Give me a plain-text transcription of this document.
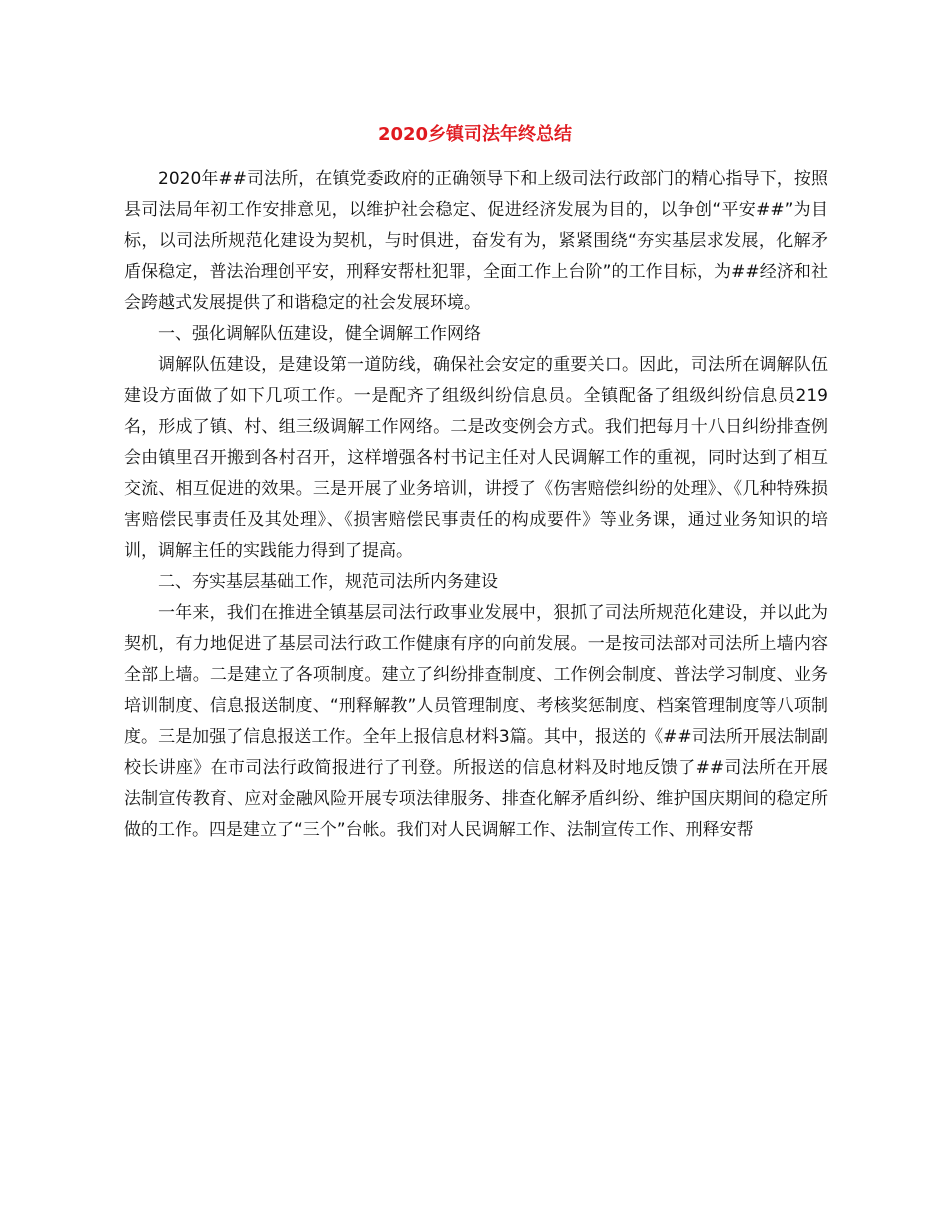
2020乡镇司法年终总结

2020年##司法所，在镇党委政府的正确领导下和上级司法行政部门的精心指导下，按照县司法局年初工作安排意见，以维护社会稳定、促进经济发展为目的，以争创“平安##”为目标，以司法所规范化建设为契机，与时俱进，奋发有为，紧紧围绕“夯实基层求发展，化解矛盾保稳定，普法治理创平安，刑释安帮杜犯罪，全面工作上台阶”的工作目标，为##经济和社会跨越式发展提供了和谐稳定的社会发展环境。

一、强化调解队伍建设，健全调解工作网络

调解队伍建设，是建设第一道防线，确保社会安定的重要关口。因此，司法所在调解队伍建设方面做了如下几项工作。一是配齐了组级纠纷信息员。全镇配备了组级纠纷信息员219名，形成了镇、村、组三级调解工作网络。二是改变例会方式。我们把每月十八日纠纷排查例会由镇里召开搬到各村召开，这样增强各村书记主任对人民调解工作的重视，同时达到了相互交流、相互促进的效果。三是开展了业务培训，讲授了《伤害赔偿纠纷的处理》、《几种特殊损害赔偿民事责任及其处理》、《损害赔偿民事责任的构成要件》等业务课，通过业务知识的培训，调解主任的实践能力得到了提高。

二、夯实基层基础工作，规范司法所内务建设

一年来，我们在推进全镇基层司法行政事业发展中，狠抓了司法所规范化建设，并以此为契机，有力地促进了基层司法行政工作健康有序的向前发展。一是按司法部对司法所上墙内容全部上墙。二是建立了各项制度。建立了纠纷排查制度、工作例会制度、普法学习制度、业务培训制度、信息报送制度、“刑释解教”人员管理制度、考核奖惩制度、档案管理制度等八项制度。三是加强了信息报送工作。全年上报信息材料3篇。其中，报送的《##司法所开展法制副校长讲座》在市司法行政简报进行了刊登。所报送的信息材料及时地反馈了##司法所在开展法制宣传教育、应对金融风险开展专项法律服务、排查化解矛盾纠纷、维护国庆期间的稳定所做的工作。四是建立了“三个”台帐。我们对人民调解工作、法制宣传工作、刑释安帮
